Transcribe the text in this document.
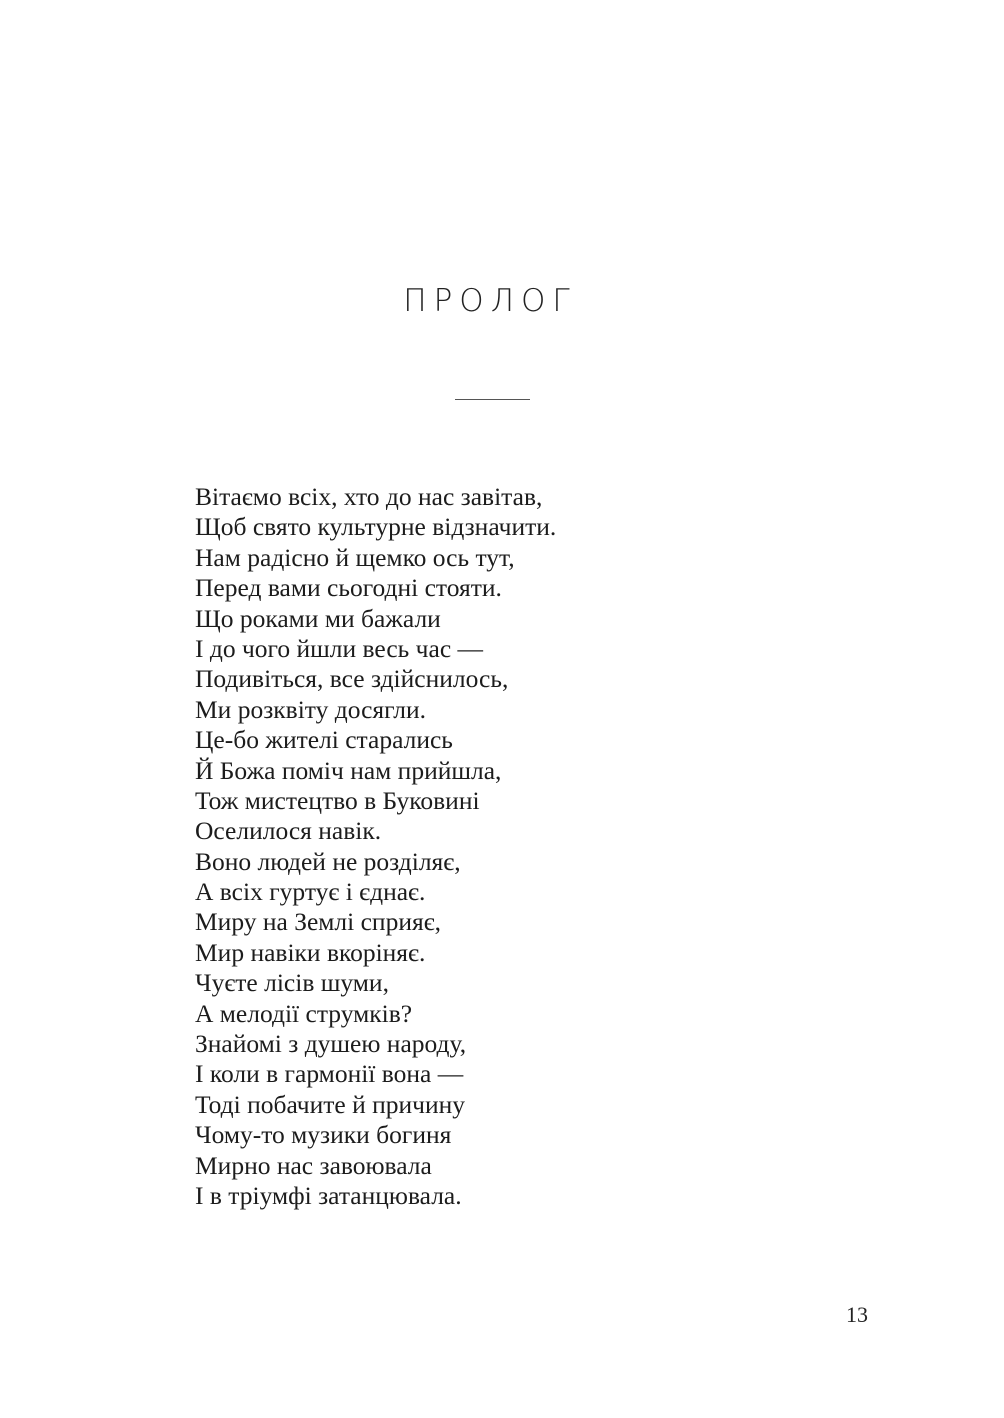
ПРОЛОГ
Вітаємо всіх, хто до нас завітав,
Щоб свято культурне відзначити.
Нам радісно й щемко ось тут,
Перед вами сьогодні стояти.
Що роками ми бажали
І до чого йшли весь час —
Подивіться, все здійснилось,
Ми розквіту досягли.
Це-бо жителі старались
Й Божа поміч нам прийшла,
Тож мистецтво в Буковині
Оселилося навік.
Воно людей не розділяє,
А всіх гуртує і єднає.
Миру на Землі сприяє,
Мир навіки вкоріняє.
Чуєте лісів шуми,
А мелодії струмків?
Знайомі з душею народу,
І коли в гармонії вона —
Тоді побачите й причину
Чому-то музики богиня
Мирно нас завоювала
І в тріумфі затанцювала.
13
